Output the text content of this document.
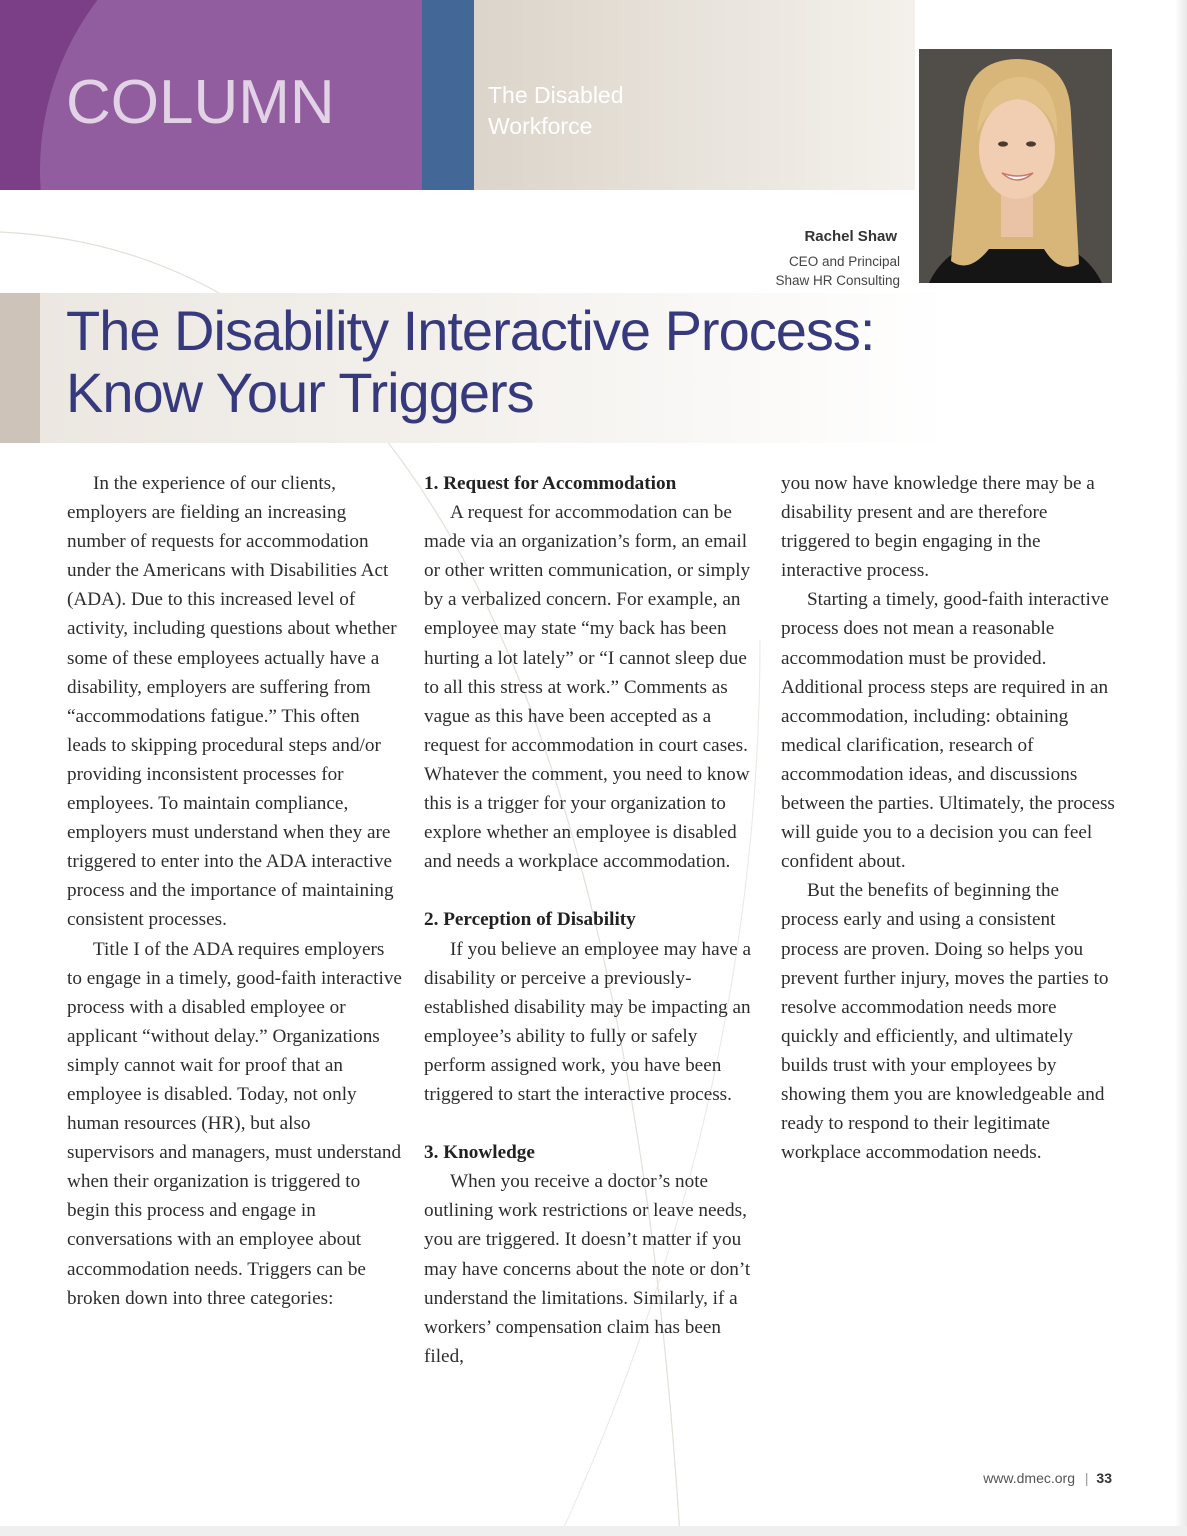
COLUMN	The Disabled
Workforce
Rachel Shaw
CEO and Principal
Shaw HR Consulting
The Disability Interactive Process:
Know Your Triggers

In the experience of our clients, employers are fielding an increasing number of requests for accommodation under the Americans with Disabilities Act (ADA). Due to this increased level of activity, including questions about whether some of these employees actually have a disability, employers are suffering from “accommodations fatigue.” This often leads to skipping procedural steps and/or providing inconsistent processes for employees. To maintain compliance, employers must understand when they are triggered to enter into the ADA interactive process and the importance of maintaining consistent processes.

Title I of the ADA requires employers to engage in a timely, good-faith interactive process with a disabled employee or applicant “without delay.” Organizations simply cannot wait for proof that an employee is disabled. Today, not only human resources (HR), but also supervisors and managers, must understand when their organization is triggered to begin this process and engage in conversations with an employee about accommodation needs. Triggers can be broken down into three categories:

1. Request for Accommodation

A request for accommodation can be made via an organization’s form, an email or other written communication, or simply by a verbalized concern. For example, an employee may state “my back has been hurting a lot lately” or “I cannot sleep due to all this stress at work.” Comments as vague as this have been accepted as a request for accommodation in court cases. Whatever the comment, you need to know this is a trigger for your organization to explore whether an employee is disabled and needs a workplace accommodation.

2. Perception of Disability

If you believe an employee may have a disability or perceive a previously-established disability may be impacting an employee’s ability to fully or safely perform assigned work, you have been triggered to start the interactive process.

3. Knowledge

When you receive a doctor’s note outlining work restrictions or leave needs, you are triggered. It doesn’t matter if you may have concerns about the note or don’t understand the limitations. Similarly, if a workers’ compensation claim has been filed,

you now have knowledge there may be a disability present and are therefore triggered to begin engaging in the interactive process.

Starting a timely, good-faith interactive process does not mean a reasonable accommodation must be provided. Additional process steps are required in an accommodation, including: obtaining medical clarification, research of accommodation ideas, and discussions between the parties. Ultimately, the process will guide you to a decision you can feel confident about.

But the benefits of beginning the process early and using a consistent process are proven. Doing so helps you prevent further injury, moves the parties to resolve accommodation needs more quickly and efficiently, and ultimately builds trust with your employees by showing them you are knowledgeable and ready to respond to their legitimate workplace accommodation needs.

www.dmec.org | 33
